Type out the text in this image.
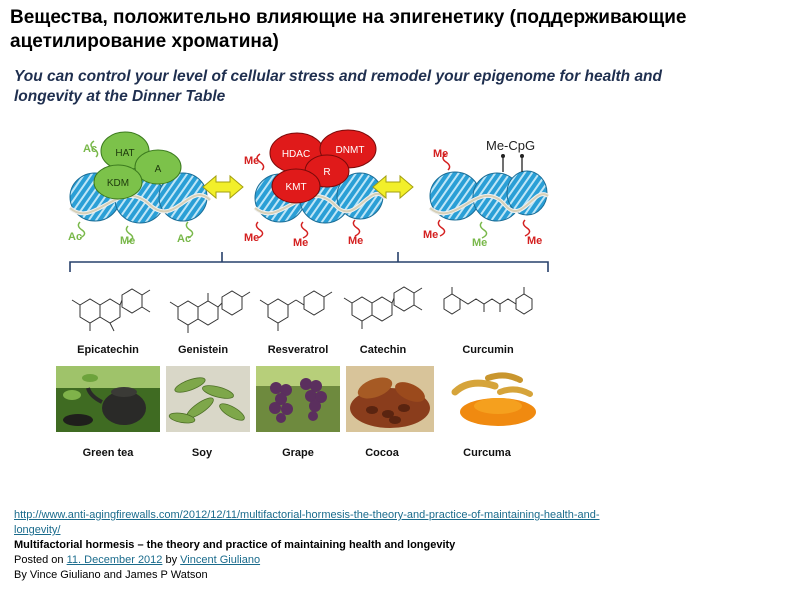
Вещества, положительно влияющие на эпигенетику (поддерживающие ацетилирование хроматина)
You can control your level of cellular stress and remodel your epigenome for health and
longevity at the Dinner Table
HAT
A
KDM
Ac
Ac	Me	Ac
HDAC	DNMT
R
KMT
Me
Me	Me	Me
Me-CpG
Me
Me
Me	Me
Epicatechin	Genistein	Resveratrol	Catechin	Curcumin
Green tea	Soy	Grape	Cocoa	Curcuma
http://www.anti-agingfirewalls.com/2012/12/11/multifactorial-hormesis-the-theory-and-practice-of-maintaining-health-and-
longevity/
Multifactorial hormesis – the theory and practice of maintaining health and longevity
Posted on 11. December 2012 by Vincent Giuliano
By Vince Giuliano and James P Watson
